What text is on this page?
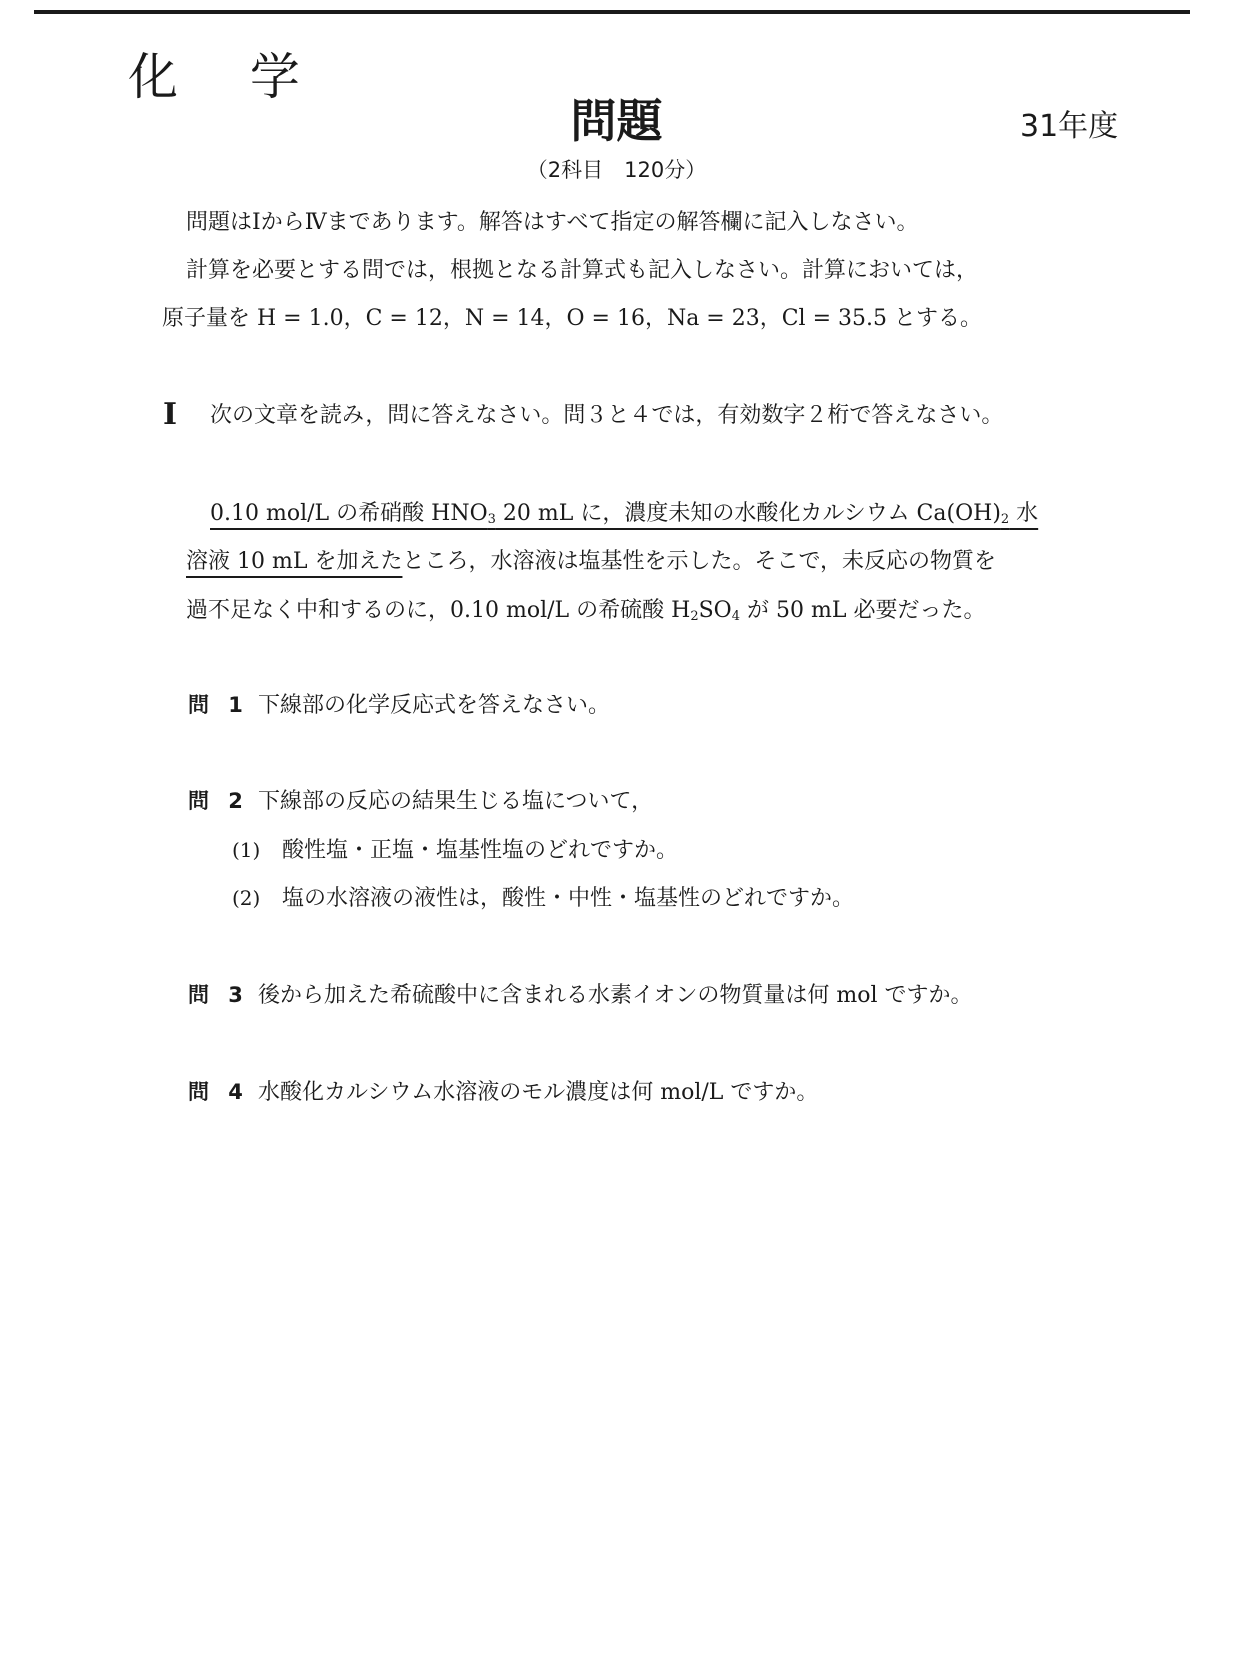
化 学
問題	31年度
（2科目　120分）
問題はⅠからⅣまであります。解答はすべて指定の解答欄に記入しなさい。
計算を必要とする問では，根拠となる計算式も記入しなさい。計算においては，
原子量を H = 1.0，C = 12，N = 14，O = 16，Na = 23，Cl = 35.5 とする。
Ⅰ 次の文章を読み，問に答えなさい。問３と４では，有効数字２桁で答えなさい。
0.10 mol/L の希硝酸 $HNO_3$ 20 mL に，濃度未知の水酸化カルシウム $Ca(OH)_2$ 水
溶液 10 mL を加えたところ，水溶液は塩基性を示した。そこで，未反応の物質を
過不足なく中和するのに，0.10 mol/L の希硫酸 $H_2SO_4$ が 50 mL 必要だった。
問 1 下線部の化学反応式を答えなさい。
問 2 下線部の反応の結果生じる塩について，
(1) 酸性塩・正塩・塩基性塩のどれですか。
(2) 塩の水溶液の液性は，酸性・中性・塩基性のどれですか。
問 3 後から加えた希硫酸中に含まれる水素イオンの物質量は何 mol ですか。
問 4 水酸化カルシウム水溶液のモル濃度は何 mol/L ですか。
